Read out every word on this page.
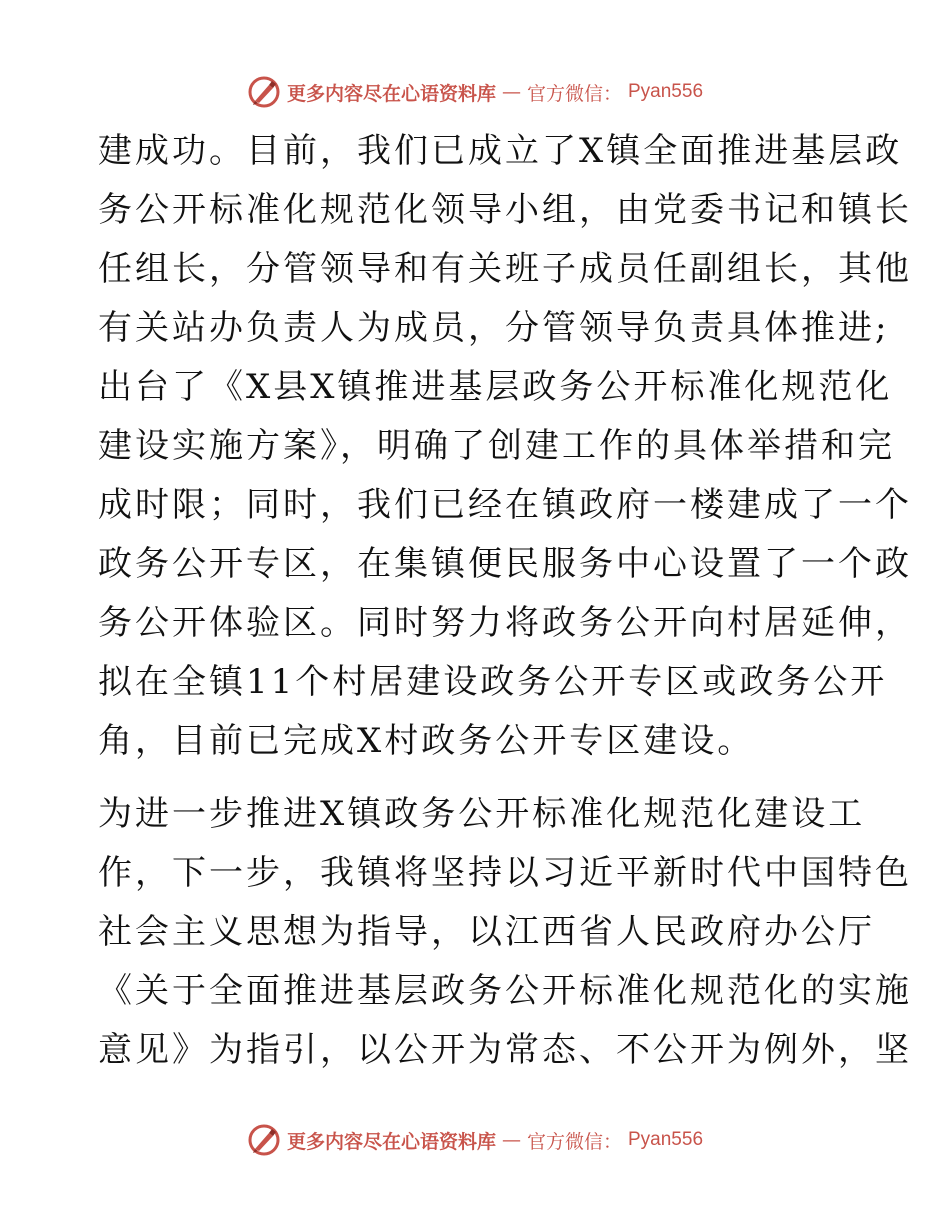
更多内容尽在心语资料库 — 官方微信： Pyan556

建成功。目前，我们已成立了X镇全面推进基层政

务公开标准化规范化领导小组，由党委书记和镇长

任组长，分管领导和有关班子成员任副组长，其他

有关站办负责人为成员，分管领导负责具体推进;

出台了《X县X镇推进基层政务公开标准化规范化

建设实施方案》，明确了创建工作的具体举措和完

成时限；同时，我们已经在镇政府一楼建成了一个

政务公开专区，在集镇便民服务中心设置了一个政

务公开体验区。同时努力将政务公开向村居延伸，

拟在全镇11个村居建设政务公开专区或政务公开

角，目前已完成X村政务公开专区建设。

为进一步推进X镇政务公开标准化规范化建设工

作，下一步，我镇将坚持以习近平新时代中国特色

社会主义思想为指导，以江西省人民政府办公厅

《关于全面推进基层政务公开标准化规范化的实施

意见》为指引，以公开为常态、不公开为例外，坚

更多内容尽在心语资料库 — 官方微信： Pyan556
